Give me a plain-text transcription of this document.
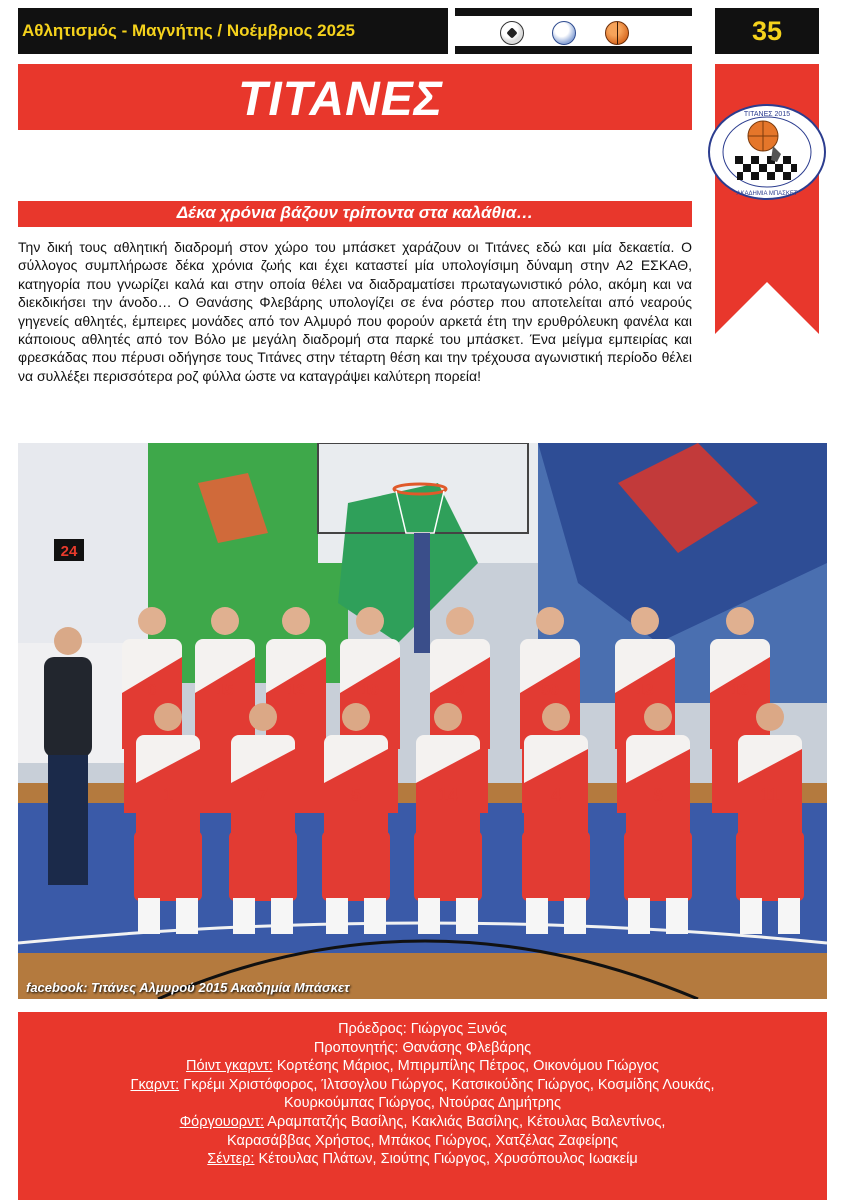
Αθλητισμός - Μαγνήτης / Νοέμβριος 2025	35
ΤΙΤΑΝΕΣ	ΤΙΤΑΝΕΣ 2015
ΑΚΑΔΗΜΙΑ ΜΠΑΣΚΕΤ
Δέκα χρόνια βάζουν τρίποντα στα καλάθια…

Την δική τους αθλητική διαδρομή στον χώρο του μπάσκετ χαράζουν οι Τιτάνες εδώ και μία δεκαετία. Ο σύλλογος συμπλήρωσε δέκα χρόνια ζωής και έχει καταστεί μία υπολογίσιμη δύναμη στην Α2 ΕΣΚΑΘ, κατηγορία που γνωρίζει καλά και στην οποία θέλει να διαδραματίσει πρωταγωνιστικό ρόλο, ακόμη και να διεκδικήσει την άνοδο… Ο Θανάσης Φλεβάρης υπολογίζει σε ένα ρόστερ που αποτελείται από νεαρούς γηγενείς αθλητές, έμπειρες μονάδες από τον Αλμυρό που φορούν αρκετά έτη την ερυθρόλευκη φανέλα και κάποιους αθλητές από τον Βόλο με μεγάλη διαδρομή στα παρκέ του μπάσκετ. Ένα μείγμα εμπειρίας και φρεσκάδας που πέρυσι οδήγησε τους Τιτάνες στην τέταρτη θέση και την τρέχουσα αγωνιστική περίοδο θέλει να συλλέξει περισσότερα ροζ φύλλα ώστε να καταγράψει καλύτερη πορεία!

24
6	15	12	10	9	50	13	16
1	7	5	14	4	8	11
facebook: Τιτάνες Αλμυρού 2015 Ακαδημία Μπάσκετ
Πρόεδρος: Γιώργος Ξυνός
Προπονητής: Θανάσης Φλεβάρης
Πόιντ γκαρντ: Κορτέσης Μάριος, Μπιρμπίλης Πέτρος, Οικονόμου Γιώργος
Γκαρντ: Γκρέμι Χριστόφορος, Ίλτσογλου Γιώργος, Κατσικούδης Γιώργος, Κοσμίδης Λουκάς,
Κουρκούμπας Γιώργος, Ντούρας Δημήτρης
Φόργουορντ: Αραμπατζής Βασίλης, Κακλιάς Βασίλης, Κέτουλας Βαλεντίνος,
Καρασάββας Χρήστος, Μπάκος Γιώργος, Χατζέλας Ζαφείρης
Σέντερ: Κέτουλας Πλάτων, Σιούτης Γιώργος, Χρυσόπουλος Ιωακείμ
